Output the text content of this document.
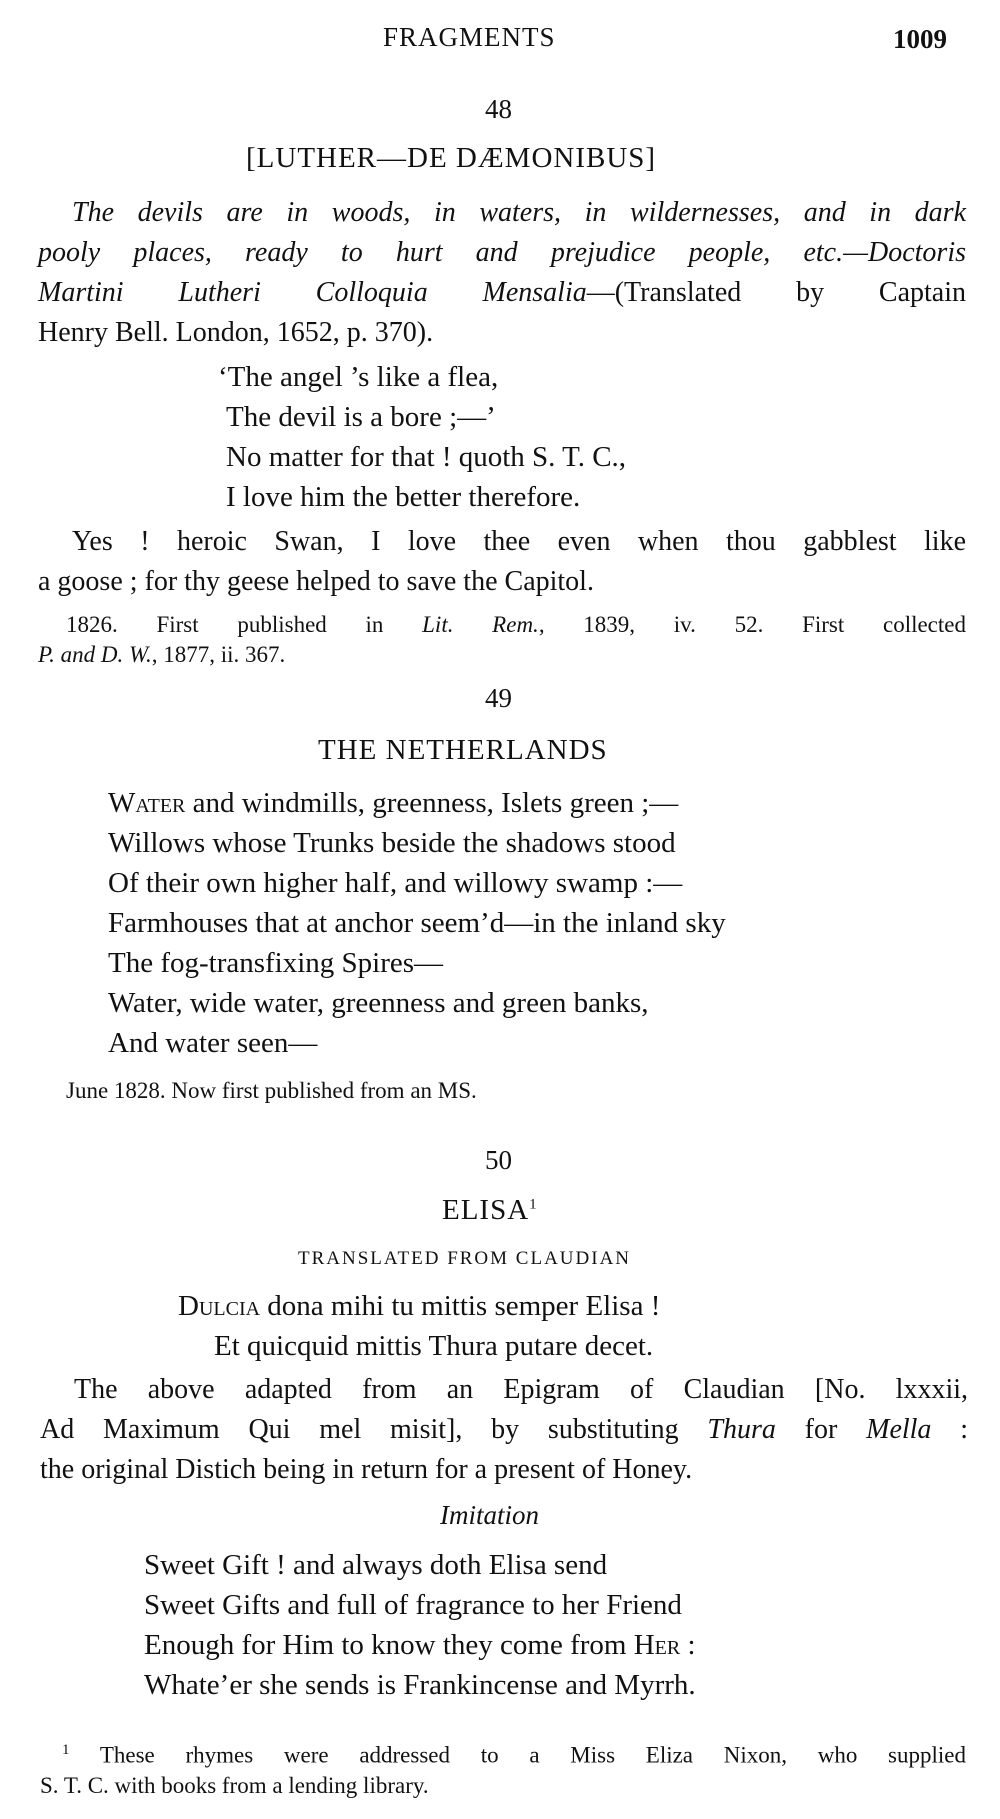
FRAGMENTS	1009
48
[LUTHER—DE DÆMONIBUS]
The devils are in woods, in waters, in wildernesses, and in dark
pooly places, ready to hurt and prejudice people, etc.—Doctoris
Martini Lutheri Colloquia Mensalia—(Translated by Captain
Henry Bell. London, 1652, p. 370).
‘The angel ’s like a flea,
The devil is a bore ;—’
No matter for that ! quoth S. T. C.,
I love him the better therefore.
Yes ! heroic Swan, I love thee even when thou gabblest like
a goose ; for thy geese helped to save the Capitol.
1826. First published in Lit. Rem., 1839, iv. 52. First collected
P. and D. W., 1877, ii. 367.
49
THE NETHERLANDS
Water and windmills, greenness, Islets green ;—
Willows whose Trunks beside the shadows stood
Of their own higher half, and willowy swamp :—
Farmhouses that at anchor seem’d—in the inland sky
The fog-transfixing Spires—
Water, wide water, greenness and green banks,
And water seen—
June 1828. Now first published from an MS.
50
ELISA$^1$
TRANSLATED FROM CLAUDIAN
Dulcia dona mihi tu mittis semper Elisa !
Et quicquid mittis Thura putare decet.
The above adapted from an Epigram of Claudian [No. lxxxii,
Ad Maximum Qui mel misit], by substituting Thura for Mella :
the original Distich being in return for a present of Honey.
Imitation
Sweet Gift ! and always doth Elisa send
Sweet Gifts and full of fragrance to her Friend
Enough for Him to know they come from Her :
Whate’er she sends is Frankincense and Myrrh.
$^1$ These rhymes were addressed to a Miss Eliza Nixon, who supplied
S. T. C. with books from a lending library.
